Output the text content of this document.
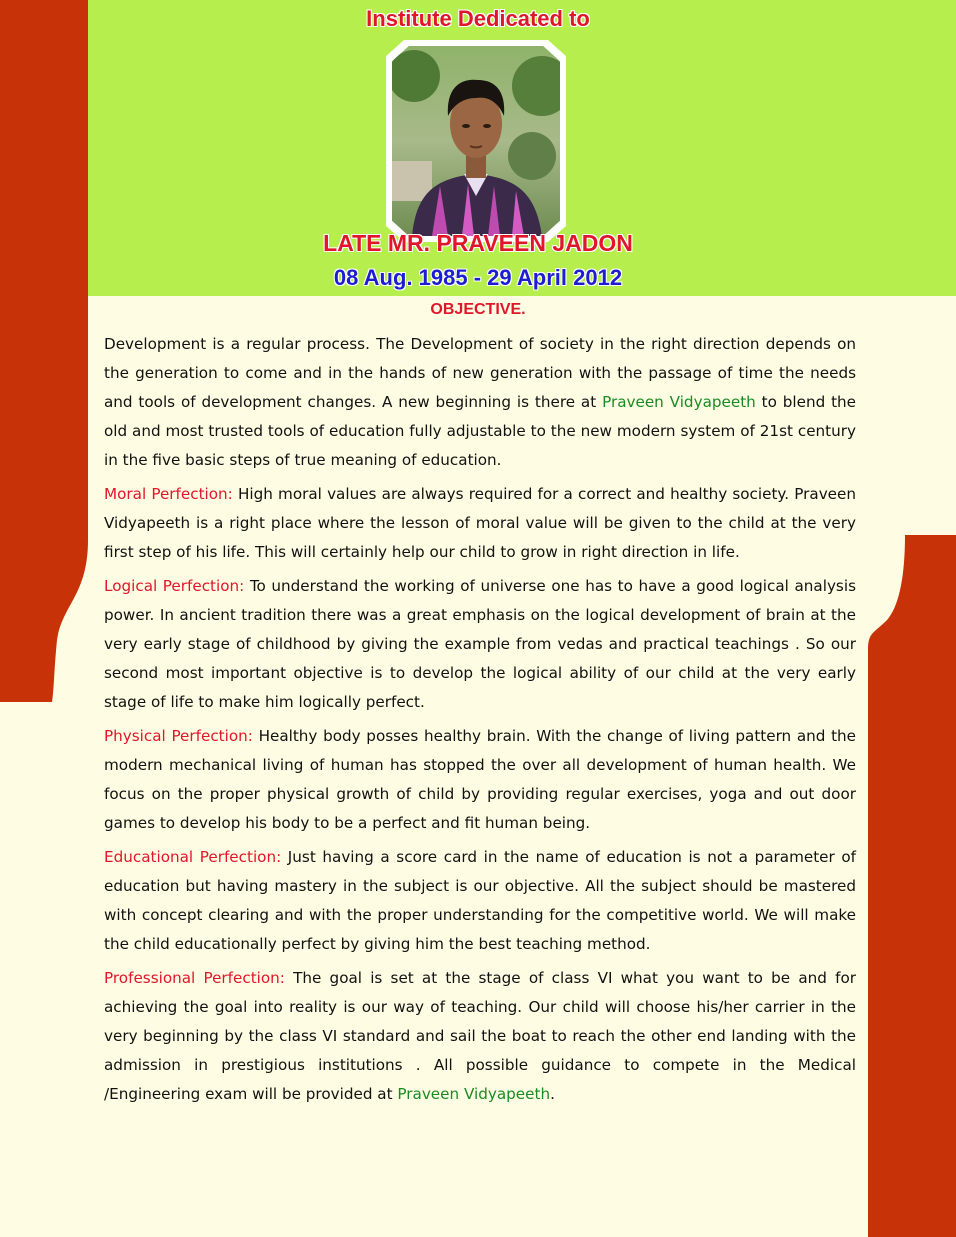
Institute Dedicated to
LATE MR. PRAVEEN JADON
08 Aug. 1985 - 29 April 2012
OBJECTIVE.

Development is a regular process. The Development of society in the right direction depends on the generation to come and in the hands of new generation with the passage of time the needs and tools of development changes. A new beginning is there at Praveen Vidyapeeth to blend the old and most trusted tools of education fully adjustable to the new modern system of 21st century in the five basic steps of true meaning of education.

Moral Perfection: High moral values are always required for a correct and healthy society. Praveen Vidyapeeth is a right place where the lesson of moral value will be given to the child at the very first step of his life. This will certainly help our child to grow in right direction in life.

Logical Perfection: To understand the working of universe one has to have a good logical analysis power. In ancient tradition there was a great emphasis on the logical development of brain at the very early stage of childhood by giving the example from vedas and practical teachings . So our second most important objective is to develop the logical ability of our child at the very early stage of life to make him logically perfect.

Physical Perfection: Healthy body posses healthy brain. With the change of living pattern and the modern mechanical living of human has stopped the over all development of human health. We focus on the proper physical growth of child by providing regular exercises, yoga and out door games to develop his body to be a perfect and fit human being.

Educational Perfection: Just having a score card in the name of education is not a parameter of education but having mastery in the subject is our objective. All the subject should be mastered with concept clearing and with the proper understanding for the competitive world. We will make the child educationally perfect by giving him the best teaching method.

Professional Perfection: The goal is set at the stage of class VI what you want to be and for achieving the goal into reality is our way of teaching. Our child will choose his/her carrier in the very beginning by the class VI standard and sail the boat to reach the other end landing with the admission in prestigious institutions . All possible guidance to compete in the Medical /Engineering exam will be provided at Praveen Vidyapeeth.
